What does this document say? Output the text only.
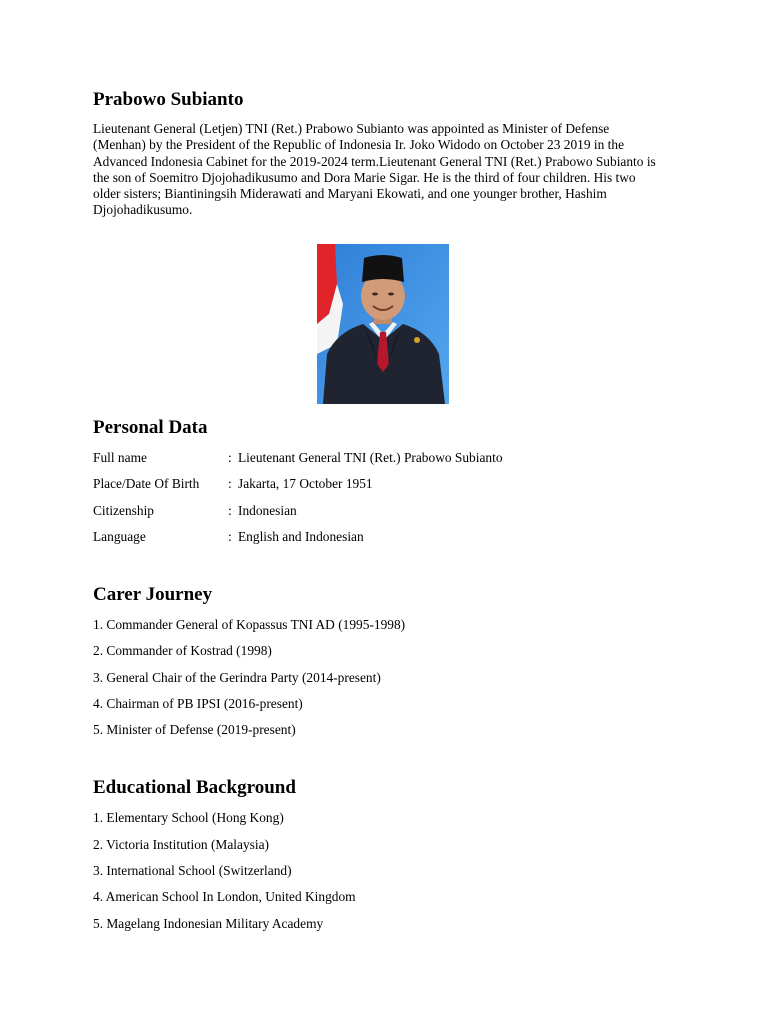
Prabowo Subianto

Lieutenant General (Letjen) TNI (Ret.) Prabowo Subianto was appointed as Minister of Defense (Menhan) by the President of the Republic of Indonesia Ir. Joko Widodo on October 23 2019 in the Advanced Indonesia Cabinet for the 2019-2024 term.Lieutenant General TNI (Ret.) Prabowo Subianto is the son of Soemitro Djojohadikusumo and Dora Marie Sigar. He is the third of four children. His two older sisters; Biantiningsih Miderawati and Maryani Ekowati, and one younger brother, Hashim Djojohadikusumo.

Personal Data
Full name	: Lieutenant General TNI (Ret.) Prabowo Subianto
Place/Date Of Birth : Jakarta, 17 October 1951
Citizenship	: Indonesian
Language	: English and Indonesian
Carer Journey
1. Commander General of Kopassus TNI AD (1995-1998)
2. Commander of Kostrad (1998)
3. General Chair of the Gerindra Party (2014-present)
4. Chairman of PB IPSI (2016-present)
5. Minister of Defense (2019-present)
Educational Background
1. Elementary School (Hong Kong)
2. Victoria Institution (Malaysia)
3. International School (Switzerland)
4. American School In London, United Kingdom
5. Magelang Indonesian Military Academy
